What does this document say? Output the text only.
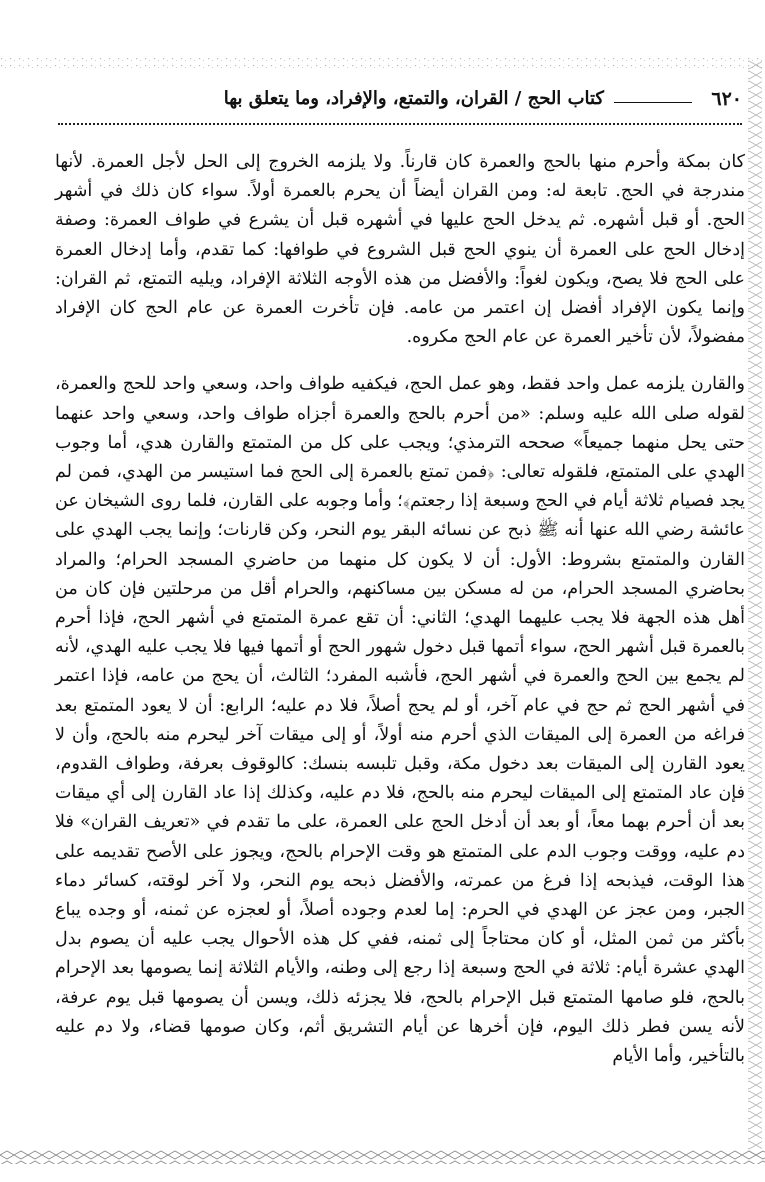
٦٢٠
كتاب الحج / القران، والتمتع، والإفراد، وما يتعلق بها

كان بمكة وأحرم منها بالحج والعمرة كان قارناً. ولا يلزمه الخروج إلى الحل لأجل العمرة. لأنها مندرجة في الحج. تابعة له: ومن القران أيضاً أن يحرم بالعمرة أولاً. سواء كان ذلك في أشهر الحج. أو قبل أشهره. ثم يدخل الحج عليها في أشهره قبل أن يشرع في طواف العمرة: وصفة إدخال الحج على العمرة أن ينوي الحج قبل الشروع في طوافها: كما تقدم، وأما إدخال العمرة على الحج فلا يصح، ويكون لغواً: والأفضل من هذه الأوجه الثلاثة الإفراد، ويليه التمتع، ثم القران: وإنما يكون الإفراد أفضل إن اعتمر من عامه. فإن تأخرت العمرة عن عام الحج كان الإفراد مفضولاً، لأن تأخير العمرة عن عام الحج مكروه.

والقارن يلزمه عمل واحد فقط، وهو عمل الحج، فيكفيه طواف واحد، وسعي واحد للحج والعمرة، لقوله صلى الله عليه وسلم: «من أحرم بالحج والعمرة أجزاه طواف واحد، وسعي واحد عنهما حتى يحل منهما جميعاً» صححه الترمذي؛ ويجب على كل من المتمتع والقارن هدي، أما وجوب الهدي على المتمتع، فلقوله تعالى: ﴿فمن تمتع بالعمرة إلى الحج فما استيسر من الهدي، فمن لم يجد فصيام ثلاثة أيام في الحج وسبعة إذا رجعتم﴾؛ وأما وجوبه على القارن، فلما روى الشيخان عن عائشة رضي الله عنها أنه ﷺ ذبح عن نسائه البقر يوم النحر، وكن قارنات؛ وإنما يجب الهدي على القارن والمتمتع بشروط: الأول: أن لا يكون كل منهما من حاضري المسجد الحرام؛ والمراد بحاضري المسجد الحرام، من له مسكن بين مساكنهم، والحرام أقل من مرحلتين فإن كان من أهل هذه الجهة فلا يجب عليهما الهدي؛ الثاني: أن تقع عمرة المتمتع في أشهر الحج، فإذا أحرم بالعمرة قبل أشهر الحج، سواء أتمها قبل دخول شهور الحج أو أتمها فيها فلا يجب عليه الهدي، لأنه لم يجمع بين الحج والعمرة في أشهر الحج، فأشبه المفرد؛ الثالث، أن يحج من عامه، فإذا اعتمر في أشهر الحج ثم حج في عام آخر، أو لم يحج أصلاً، فلا دم عليه؛ الرابع: أن لا يعود المتمتع بعد فراغه من العمرة إلى الميقات الذي أحرم منه أولاً، أو إلى ميقات آخر ليحرم منه بالحج، وأن لا يعود القارن إلى الميقات بعد دخول مكة، وقبل تلبسه بنسك: كالوقوف بعرفة، وطواف القدوم، فإن عاد المتمتع إلى الميقات ليحرم منه بالحج، فلا دم عليه، وكذلك إذا عاد القارن إلى أي ميقات بعد أن أحرم بهما معاً، أو بعد أن أدخل الحج على العمرة، على ما تقدم في «تعريف القران» فلا دم عليه، ووقت وجوب الدم على المتمتع هو وقت الإحرام بالحج، ويجوز على الأصح تقديمه على هذا الوقت، فيذبحه إذا فرغ من عمرته، والأفضل ذبحه يوم النحر، ولا آخر لوقته، كسائر دماء الجبر، ومن عجز عن الهدي في الحرم: إما لعدم وجوده أصلاً، أو لعجزه عن ثمنه، أو وجده يباع بأكثر من ثمن المثل، أو كان محتاجاً إلى ثمنه، ففي كل هذه الأحوال يجب عليه أن يصوم بدل الهدي عشرة أيام: ثلاثة في الحج وسبعة إذا رجع إلى وطنه، والأيام الثلاثة إنما يصومها بعد الإحرام بالحج، فلو صامها المتمتع قبل الإحرام بالحج، فلا يجزئه ذلك، ويسن أن يصومها قبل يوم عرفة، لأنه يسن فطر ذلك اليوم، فإن أخرها عن أيام التشريق أثم، وكان صومها قضاء، ولا دم عليه بالتأخير، وأما الأيام
